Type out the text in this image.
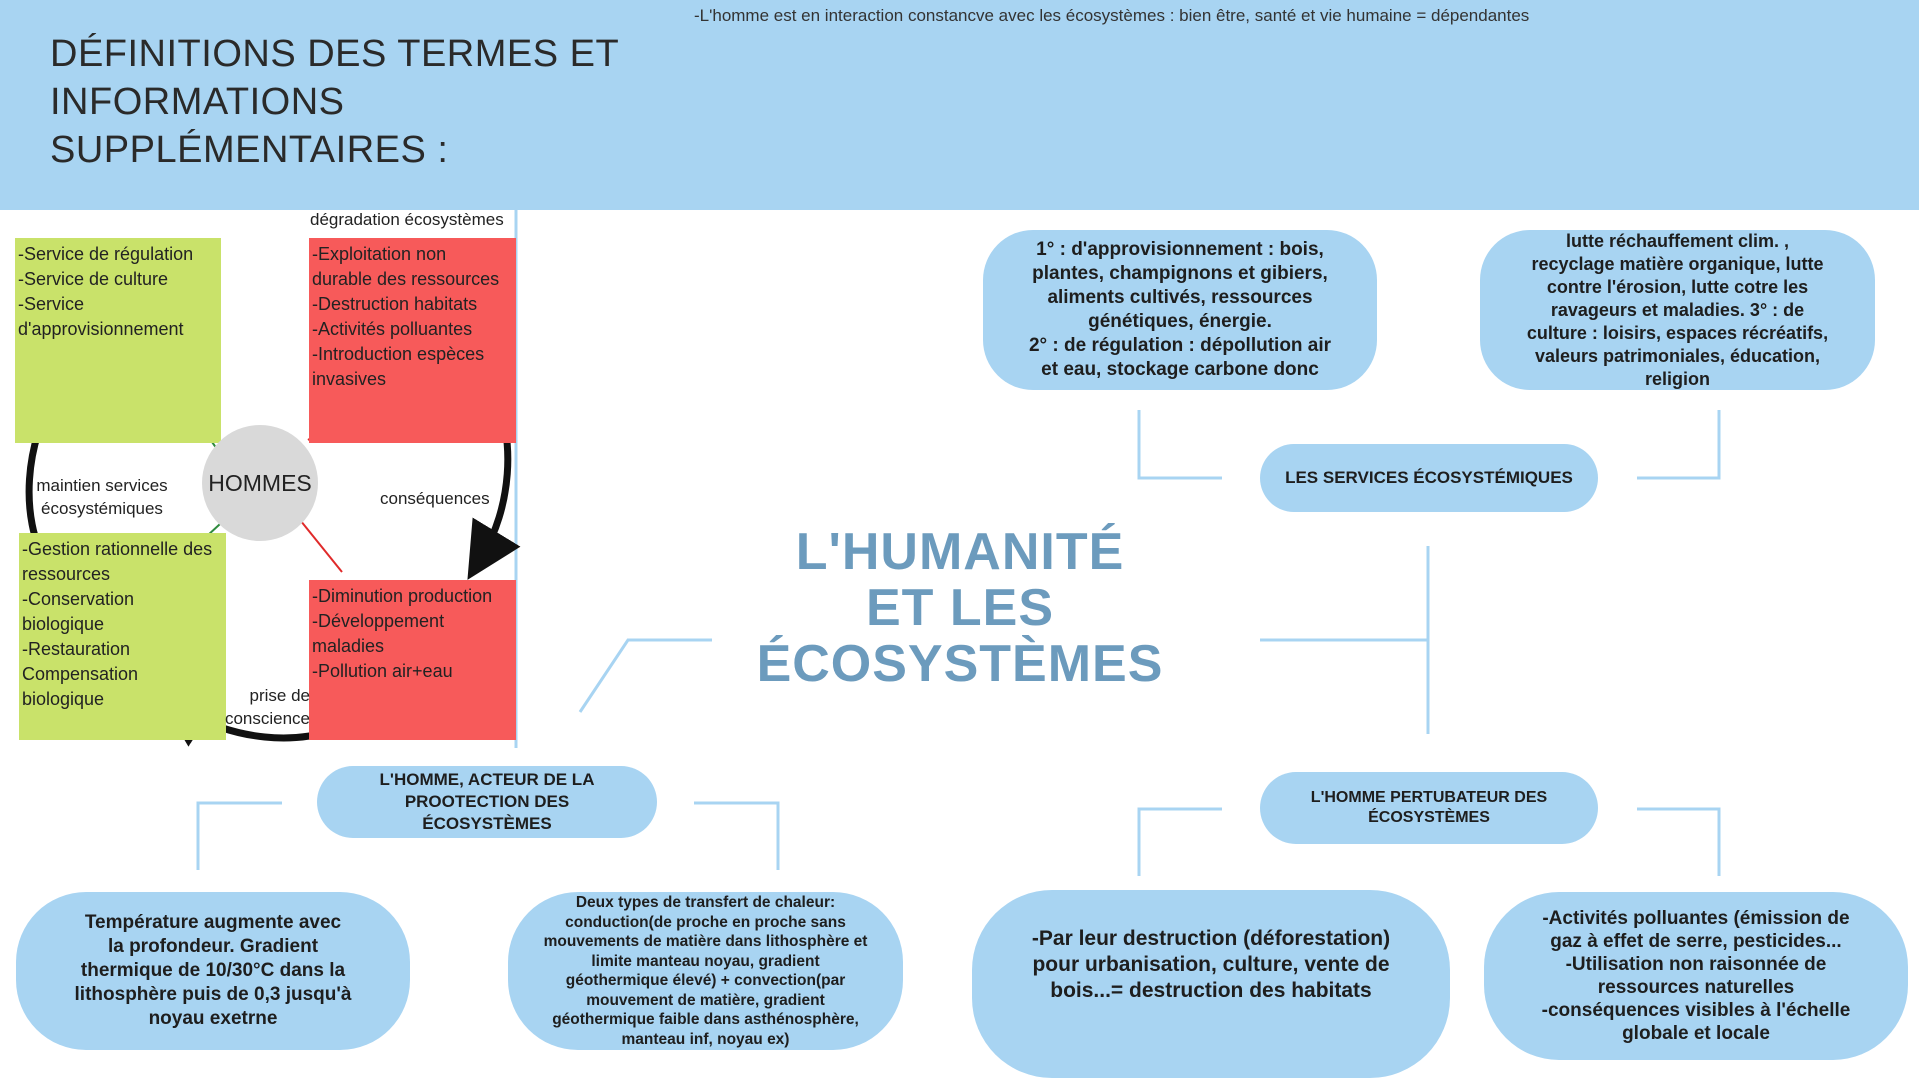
DÉFINITIONS DES TERMES ET
INFORMATIONS
SUPPLÉMENTAIRES :
-L'homme est en interaction constancve avec les écosystèmes : bien être, santé et vie humaine = dépendantes
dégradation écosystèmes
-Service de régulation
-Service de culture
-Service
d'approvisionnement
-Exploitation non
durable des ressources
-Destruction habitats
-Activités polluantes
-Introduction espèces
invasives
HOMMES
maintien services
écosystémiques
conséquences
-Gestion rationnelle des
ressources
-Conservation
biologique
-Restauration
Compensation
biologique
-Diminution production
-Développement
maladies
-Pollution air+eau
prise de
conscience
L'HUMANITÉ
ET LES
ÉCOSYSTÈMES
LES SERVICES ÉCOSYSTÉMIQUES
1° : d'approvisionnement : bois,
plantes, champignons et gibiers,
aliments cultivés, ressources
génétiques, énergie.
2° : de régulation : dépollution air
et eau, stockage carbone donc
lutte réchauffement clim. ,
recyclage matière organique, lutte
contre l'érosion, lutte cotre les
ravageurs et maladies. 3° : de
culture : loisirs, espaces récréatifs,
valeurs patrimoniales, éducation,
religion
L'HOMME, ACTEUR DE LA
PROOTECTION DES
ÉCOSYSTÈMES
L'HOMME PERTUBATEUR DES
ÉCOSYSTÈMES
Température augmente avec
la profondeur. Gradient
thermique de 10/30°C dans la
lithosphère puis de 0,3 jusqu'à
noyau exetrne
Deux types de transfert de chaleur:
conduction(de proche en proche sans
mouvements de matière dans lithosphère et
limite manteau noyau, gradient
géothermique élevé) + convection(par
mouvement de matière, gradient
géothermique faible dans asthénosphère,
manteau inf, noyau ex)
-Par leur destruction (déforestation)
pour urbanisation, culture, vente de
bois...= destruction des habitats
-Activités polluantes (émission de
gaz à effet de serre, pesticides...
-Utilisation non raisonnée de
ressources naturelles
-conséquences visibles à l'échelle
globale et locale
